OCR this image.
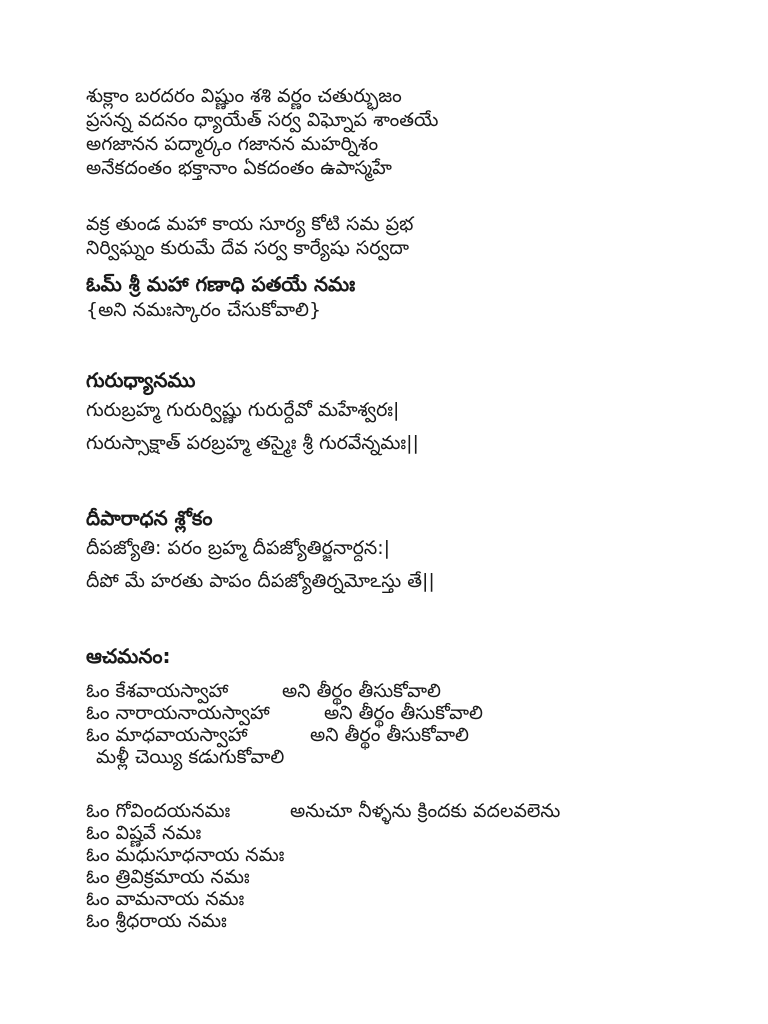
శుక్లాం బరదరం విష్ణుం శశి వర్ణం చతుర్భుజం

ప్రసన్న వదనం ధ్యాయేత్ సర్వ విఘ్నోప శాంతయే

అగజానన పద్మార్కం గజానన మహర్నిశం

అనేకదంతం భక్తానాం ఏకదంతం ఉపాస్మహే

వక్ర తుండ మహా కాయ సూర్య కోటి సమ ప్రభ

నిర్విఘ్నం కురుమే దేవ సర్వ కార్యేషు సర్వదా

ఓమ్ శ్రీ మహా గణాధి పతయే నమః

{అని నమఃస్కారం చేసుకోవాలి}

గురుధ్యానము

గురుబ్రహ్మ గురుర్విష్ణు గురుర్దేవో మహేశ్వరః|

గురుస్సాక్షాత్ పరబ్రహ్మ తస్మైః శ్రీ గురవేన్నమః||

దీపారాధన శ్లోకం

దీపజ్యోతి: పరం బ్రహ్మ దీపజ్యోతిర్జనార్దన:|

దీపో మే హరతు పాపం దీపజ్యోతిర్నమోఽస్తు తే||

ఆచమనం:

ఓం కేశవాయస్వాహా	అని తీర్థం తీసుకోవాలి
ఓం నారాయనాయస్వాహా	అని తీర్థం తీసుకోవాలి
ఓం మాధవాయస్వాహా	అని తీర్థం తీసుకోవాలి
మళ్లీ చెయ్యి కడుగుకోవాలి
ఓం గోవిందయనమః	అనుచూ నీళ్ళను క్రిందకు వదలవలెను
ఓం విష్ణవే నమః
ఓం మధుసూధనాయ నమః
ఓం త్రివిక్రమాయ నమః
ఓం వామనాయ నమః
ఓం శ్రీధరాయ నమః
